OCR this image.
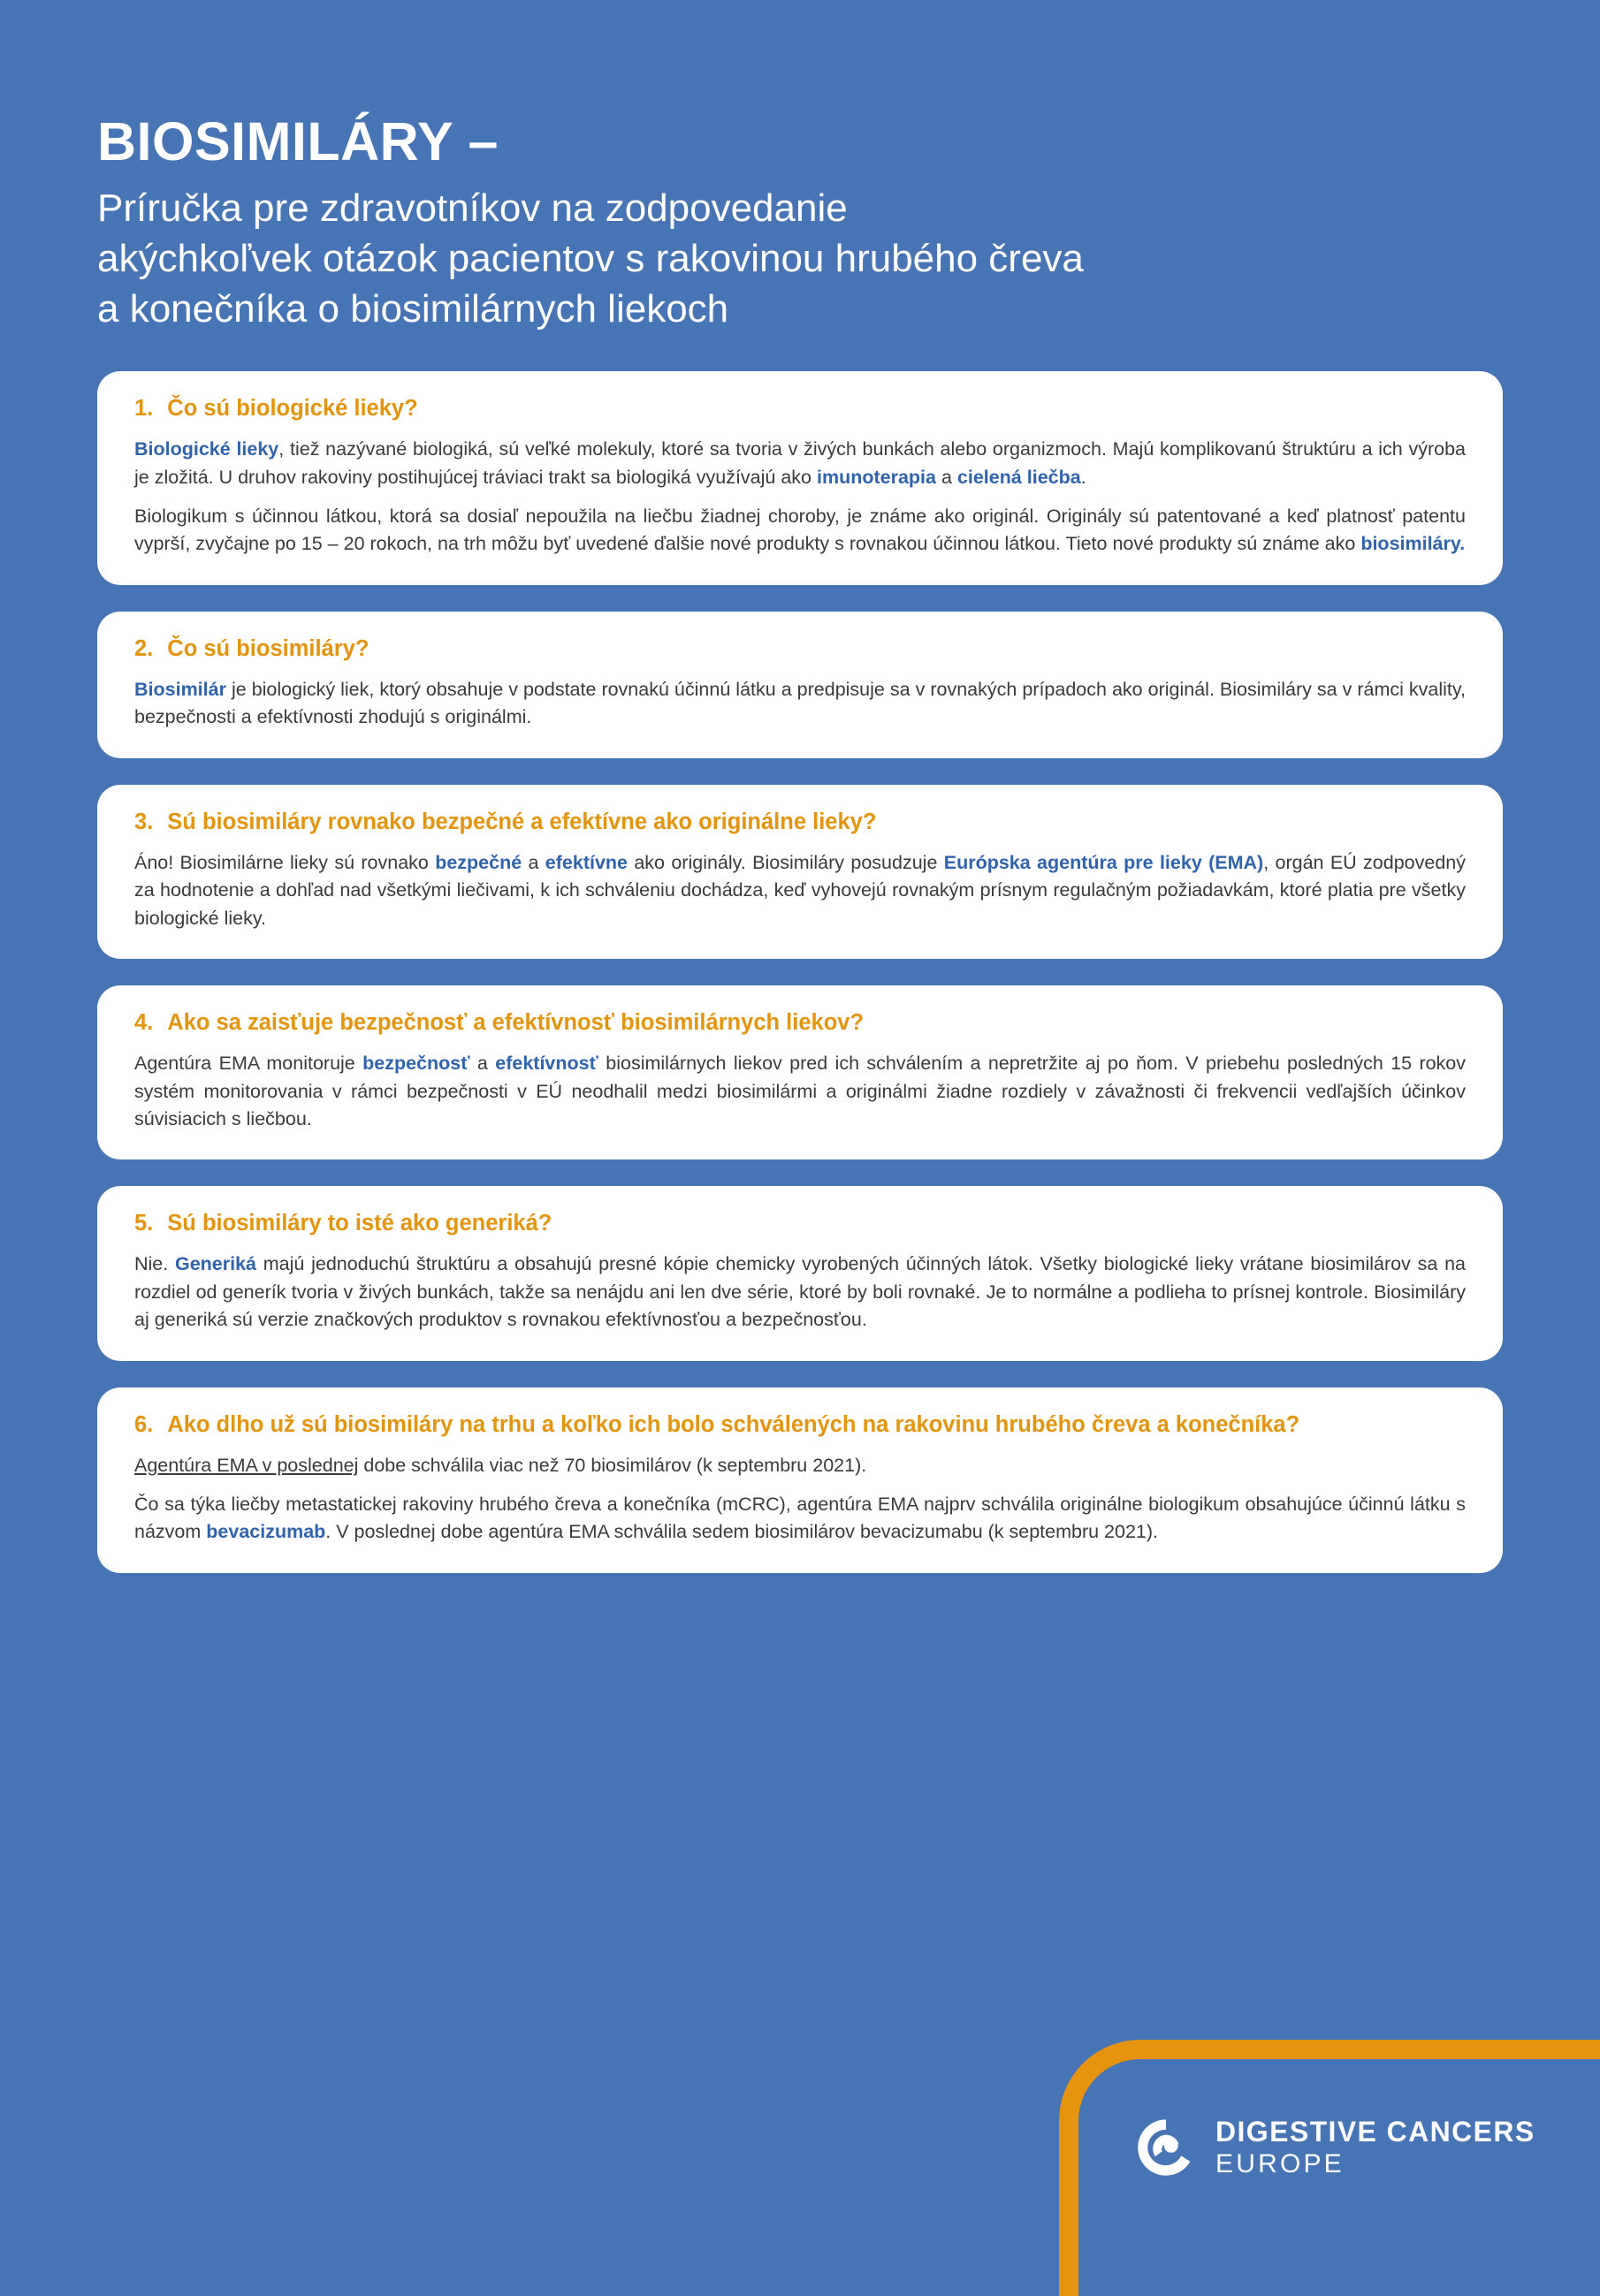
BIOSIMILÁRY –
Príručka pre zdravotníkov na zodpovedanie
akýchkoľvek otázok pacientov s rakovinou hrubého čreva
a konečníka o biosimilárnych liekoch
1. Čo sú biologické lieky?

Biologické lieky, tiež nazývané biologiká, sú veľké molekuly, ktoré sa tvoria v živých bunkách alebo organizmoch. Majú komplikovanú štruktúru a ich výroba je zložitá. U druhov rakoviny postihujúcej tráviaci trakt sa biologiká využívajú ako imunoterapia a cielená liečba.

Biologikum s účinnou látkou, ktorá sa dosiaľ nepoužila na liečbu žiadnej choroby, je známe ako originál. Originály sú patentované a keď platnosť patentu vyprší, zvyčajne po 15 – 20 rokoch, na trh môžu byť uvedené ďalšie nové produkty s rovnakou účinnou látkou. Tieto nové produkty sú známe ako biosimiláry.

2. Čo sú biosimiláry?

Biosimilár je biologický liek, ktorý obsahuje v podstate rovnakú účinnú látku a predpisuje sa v rovnakých prípadoch ako originál. Biosimiláry sa v rámci kvality, bezpečnosti a efektívnosti zhodujú s originálmi.

3. Sú biosimiláry rovnako bezpečné a efektívne ako originálne lieky?

Áno! Biosimilárne lieky sú rovnako bezpečné a efektívne ako originály. Biosimiláry posudzuje Európska agentúra pre lieky (EMA), orgán EÚ zodpovedný za hodnotenie a dohľad nad všetkými liečivami, k ich schváleniu dochádza, keď vyhovejú rovnakým prísnym regulačným požiadavkám, ktoré platia pre všetky biologické lieky.

4. Ako sa zaisťuje bezpečnosť a efektívnosť biosimilárnych liekov?

Agentúra EMA monitoruje bezpečnosť a efektívnosť biosimilárnych liekov pred ich schválením a nepretržite aj po ňom. V priebehu posledných 15 rokov systém monitorovania v rámci bezpečnosti v EÚ neodhalil medzi biosimilármi a originálmi žiadne rozdiely v závažnosti či frekvencii vedľajších účinkov súvisiacich s liečbou.

5. Sú biosimiláry to isté ako generiká?

Nie. Generiká majú jednoduchú štruktúru a obsahujú presné kópie chemicky vyrobených účinných látok. Všetky biologické lieky vrátane biosimilárov sa na rozdiel od generík tvoria v živých bunkách, takže sa nenájdu ani len dve série, ktoré by boli rovnaké. Je to normálne a podlieha to prísnej kontrole. Biosimiláry aj generiká sú verzie značkových produktov s rovnakou efektívnosťou a bezpečnosťou.

6. Ako dlho už sú biosimiláry na trhu a koľko ich bolo schválených na rakovinu hrubého čreva a konečníka?

Agentúra EMA v poslednej dobe schválila viac než 70 biosimilárov (k septembru 2021).

Čo sa týka liečby metastatickej rakoviny hrubého čreva a konečníka (mCRC), agentúra EMA najprv schválila originálne biologikum obsahujúce účinnú látku s názvom bevacizumab. V poslednej dobe agentúra EMA schválila sedem biosimilárov bevacizumabu (k septembru 2021).

DIGESTIVE CANCERS
EUROPE
